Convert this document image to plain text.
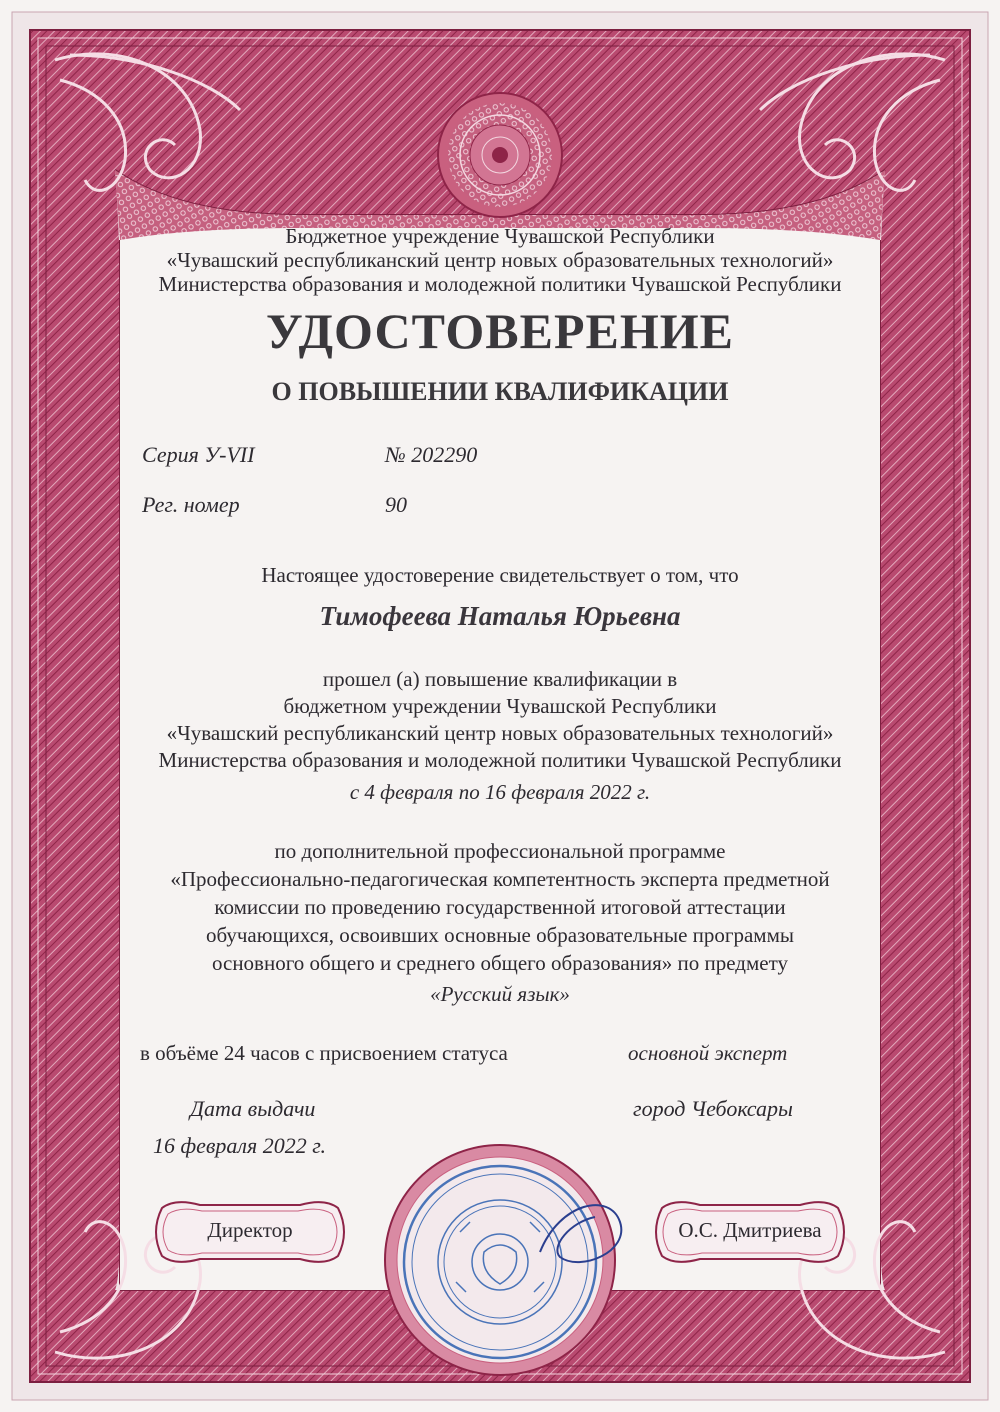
Бюджетное учреждение Чувашской Республики
«Чувашский республиканский центр новых образовательных технологий»
Министерства образования и молодежной политики Чувашской Республики
УДОСТОВЕРЕНИЕ
О ПОВЫШЕНИИ КВАЛИФИКАЦИИ
Серия У-VII	№ 202290
Рег. номер	90
Настоящее удостоверение свидетельствует о том, что
Тимофеева Наталья Юрьевна
прошел (а) повышение квалификации в
бюджетном учреждении Чувашской Республики
«Чувашский республиканский центр новых образовательных технологий»
Министерства образования и молодежной политики Чувашской Республики
с 4 февраля по 16 февраля 2022 г.
по дополнительной профессиональной программе
«Профессионально-педагогическая компетентность эксперта предметной
комиссии по проведению государственной итоговой аттестации
обучающихся, освоивших основные образовательные программы
основного общего и среднего общего образования» по предмету
«Русский язык»
в объёме 24 часов с присвоением статуса	основной эксперт
Дата выдачи	город Чебоксары
16 февраля 2022 г.
Директор	О.С. Дмитриева
